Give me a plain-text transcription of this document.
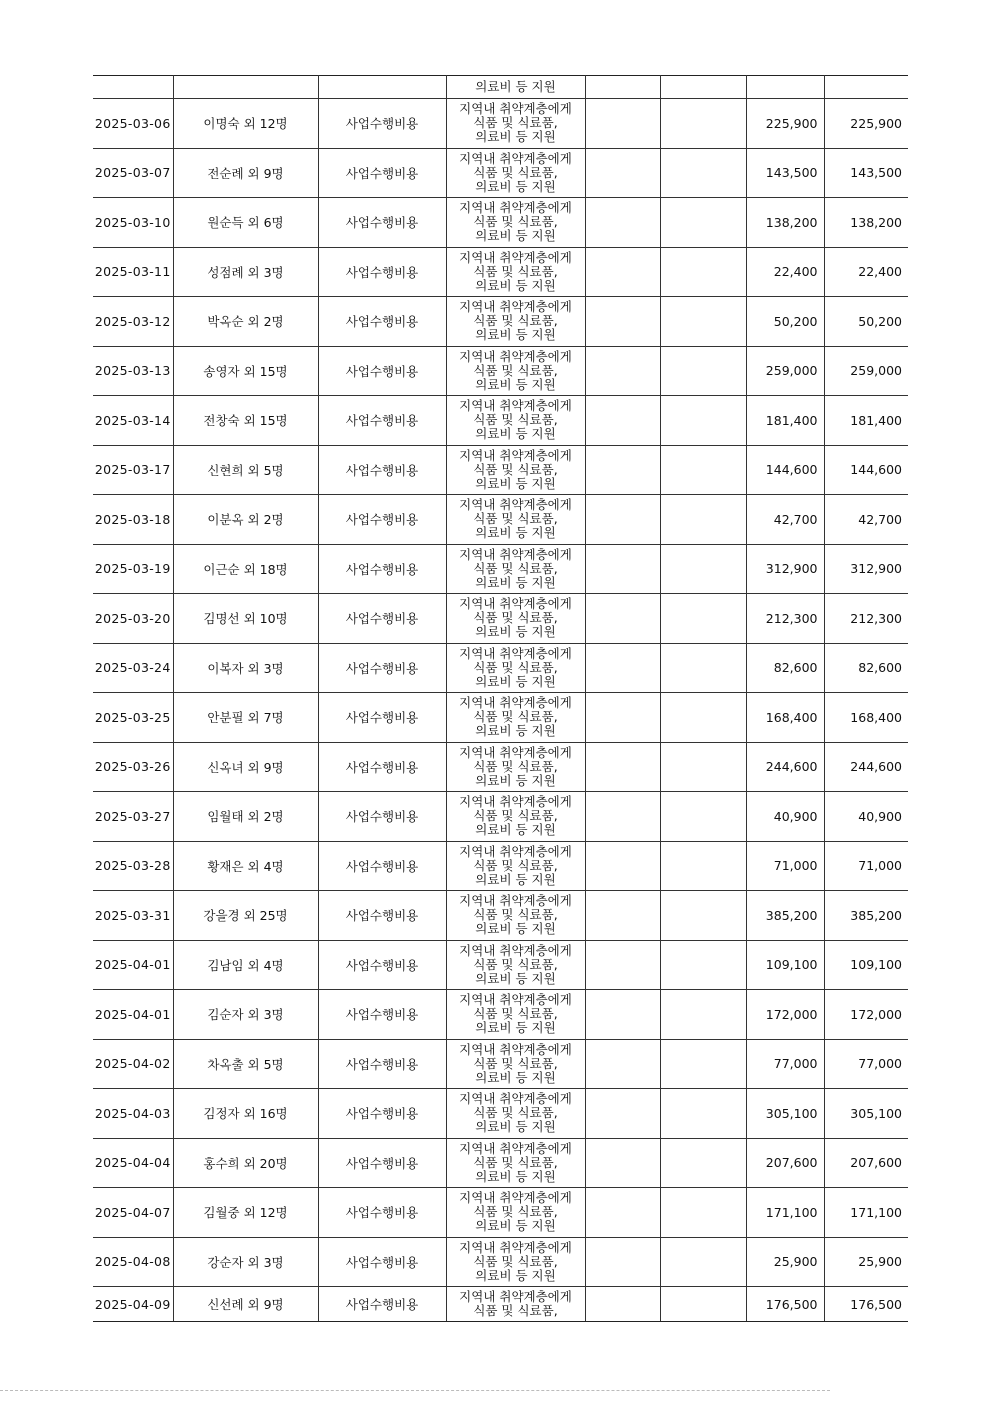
			의료비 등 지원				
2025-03-06	이명숙 외 12명	사업수행비용	지역내 취약계층에게
식품 및 식료품,
의료비 등 지원			225,900	225,900
2025-03-07	전순례 외 9명	사업수행비용	지역내 취약계층에게
식품 및 식료품,
의료비 등 지원			143,500	143,500
2025-03-10	원순득 외 6명	사업수행비용	지역내 취약계층에게
식품 및 식료품,
의료비 등 지원			138,200	138,200
2025-03-11	성점례 외 3명	사업수행비용	지역내 취약계층에게
식품 및 식료품,
의료비 등 지원			22,400	22,400
2025-03-12	박옥순 외 2명	사업수행비용	지역내 취약계층에게
식품 및 식료품,
의료비 등 지원			50,200	50,200
2025-03-13	송영자 외 15명	사업수행비용	지역내 취약계층에게
식품 및 식료품,
의료비 등 지원			259,000	259,000
2025-03-14	전창숙 외 15명	사업수행비용	지역내 취약계층에게
식품 및 식료품,
의료비 등 지원			181,400	181,400
2025-03-17	신현희 외 5명	사업수행비용	지역내 취약계층에게
식품 및 식료품,
의료비 등 지원			144,600	144,600
2025-03-18	이분옥 외 2명	사업수행비용	지역내 취약계층에게
식품 및 식료품,
의료비 등 지원			42,700	42,700
2025-03-19	이근순 외 18명	사업수행비용	지역내 취약계층에게
식품 및 식료품,
의료비 등 지원			312,900	312,900
2025-03-20	김명선 외 10명	사업수행비용	지역내 취약계층에게
식품 및 식료품,
의료비 등 지원			212,300	212,300
2025-03-24	이복자 외 3명	사업수행비용	지역내 취약계층에게
식품 및 식료품,
의료비 등 지원			82,600	82,600
2025-03-25	안분필 외 7명	사업수행비용	지역내 취약계층에게
식품 및 식료품,
의료비 등 지원			168,400	168,400
2025-03-26	신옥녀 외 9명	사업수행비용	지역내 취약계층에게
식품 및 식료품,
의료비 등 지원			244,600	244,600
2025-03-27	임월태 외 2명	사업수행비용	지역내 취약계층에게
식품 및 식료품,
의료비 등 지원			40,900	40,900
2025-03-28	황재은 외 4명	사업수행비용	지역내 취약계층에게
식품 및 식료품,
의료비 등 지원			71,000	71,000
2025-03-31	강을경 외 25명	사업수행비용	지역내 취약계층에게
식품 및 식료품,
의료비 등 지원			385,200	385,200
2025-04-01	김남임 외 4명	사업수행비용	지역내 취약계층에게
식품 및 식료품,
의료비 등 지원			109,100	109,100
2025-04-01	김순자 외 3명	사업수행비용	지역내 취약계층에게
식품 및 식료품,
의료비 등 지원			172,000	172,000
2025-04-02	차옥출 외 5명	사업수행비용	지역내 취약계층에게
식품 및 식료품,
의료비 등 지원			77,000	77,000
2025-04-03	김정자 외 16명	사업수행비용	지역내 취약계층에게
식품 및 식료품,
의료비 등 지원			305,100	305,100
2025-04-04	홍수희 외 20명	사업수행비용	지역내 취약계층에게
식품 및 식료품,
의료비 등 지원			207,600	207,600
2025-04-07	김월중 외 12명	사업수행비용	지역내 취약계층에게
식품 및 식료품,
의료비 등 지원			171,100	171,100
2025-04-08	강순자 외 3명	사업수행비용	지역내 취약계층에게
식품 및 식료품,
의료비 등 지원			25,900	25,900
2025-04-09	신선례 외 9명	사업수행비용	지역내 취약계층에게
식품 및 식료품,			176,500	176,500
